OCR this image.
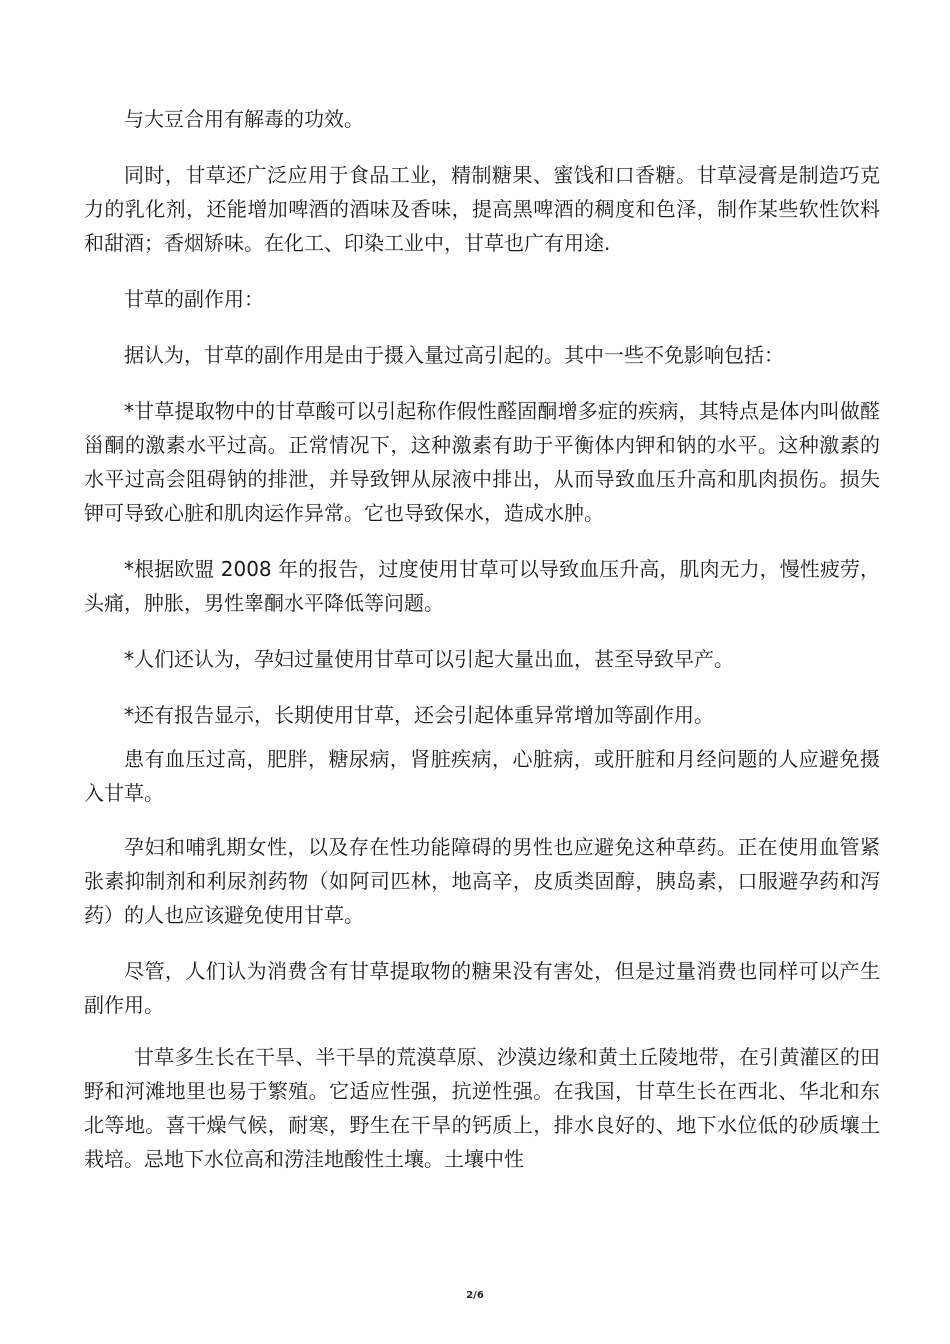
与大豆合用有解毒的功效。

同时，甘草还广泛应用于食品工业，精制糖果、蜜饯和口香糖。甘草浸膏是制造巧克力的乳化剂，还能增加啤酒的酒味及香味，提高黑啤酒的稠度和色泽，制作某些软性饮料和甜酒；香烟矫味。在化工、印染工业中，甘草也广有用途.

甘草的副作用：

据认为，甘草的副作用是由于摄入量过高引起的。其中一些不免影响包括：

*甘草提取物中的甘草酸可以引起称作假性醛固酮增多症的疾病，其特点是体内叫做醛甾酮的激素水平过高。正常情况下，这种激素有助于平衡体内钾和钠的水平。这种激素的水平过高会阻碍钠的排泄，并导致钾从尿液中排出，从而导致血压升高和肌肉损伤。损失钾可导致心脏和肌肉运作异常。它也导致保水，造成水肿。

*根据欧盟 2008 年的报告，过度使用甘草可以导致血压升高，肌肉无力，慢性疲劳，头痛，肿胀，男性睾酮水平降低等问题。

*人们还认为，孕妇过量使用甘草可以引起大量出血，甚至导致早产。

*还有报告显示，长期使用甘草，还会引起体重异常增加等副作用。

患有血压过高，肥胖，糖尿病，肾脏疾病，心脏病，或肝脏和月经问题的人应避免摄入甘草。

孕妇和哺乳期女性，以及存在性功能障碍的男性也应避免这种草药。正在使用血管紧张素抑制剂和利尿剂药物（如阿司匹林，地高辛，皮质类固醇，胰岛素，口服避孕药和泻药）的人也应该避免使用甘草。

尽管，人们认为消费含有甘草提取物的糖果没有害处，但是过量消费也同样可以产生副作用。

甘草多生长在干旱、半干旱的荒漠草原、沙漠边缘和黄土丘陵地带，在引黄灌区的田野和河滩地里也易于繁殖。它适应性强，抗逆性强。在我国，甘草生长在西北、华北和东北等地。喜干燥气候，耐寒，野生在干旱的钙质上，排水良好的、地下水位低的砂质壤土栽培。忌地下水位高和涝洼地酸性土壤。土壤中性

2/6
